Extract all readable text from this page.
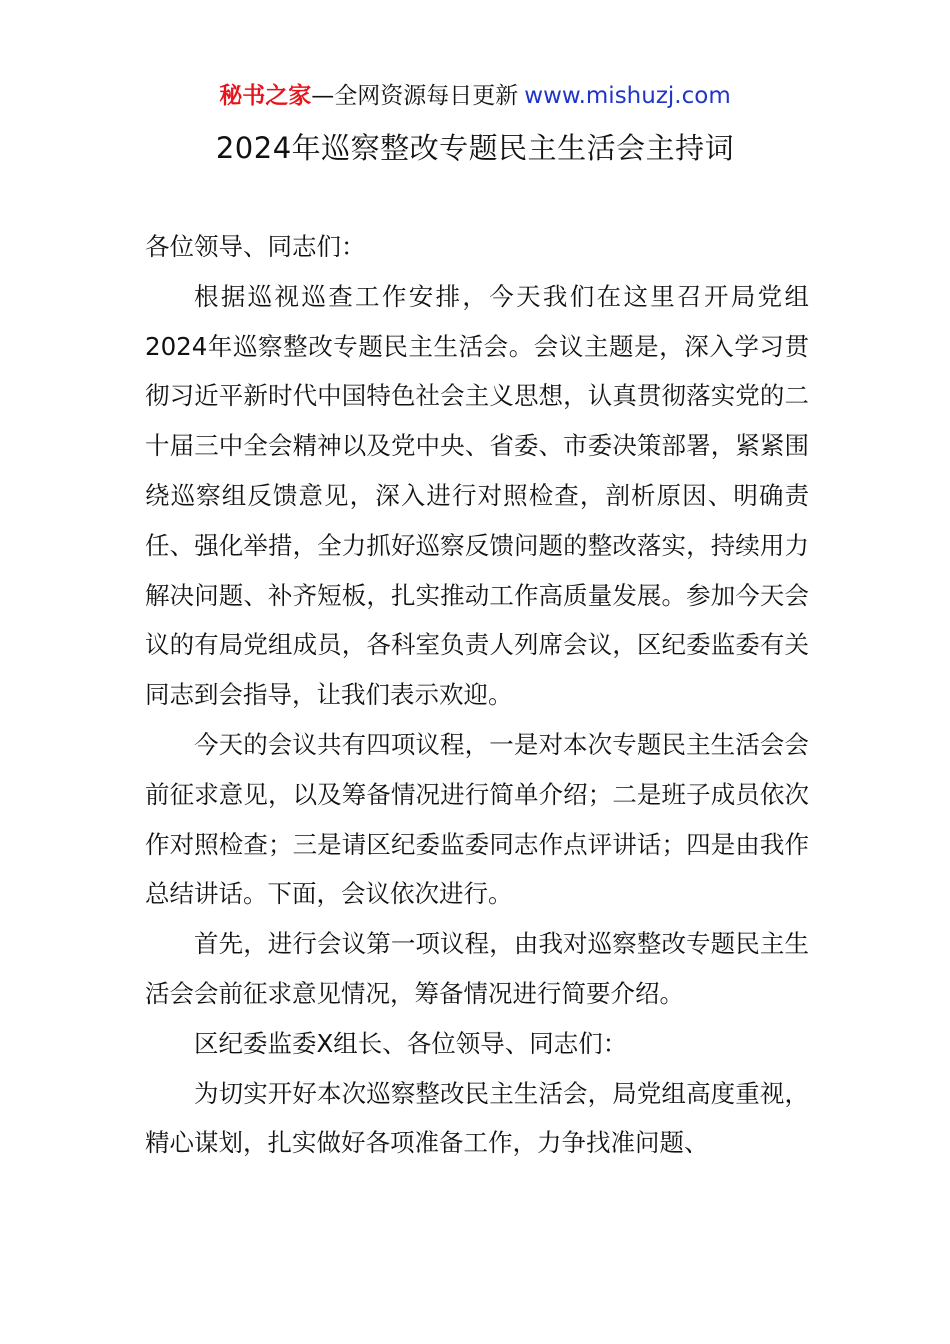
秘书之家—全网资源每日更新 www.mishuzj.com
2024年巡察整改专题民主生活会主持词

各位领导、同志们：

根据巡视巡查工作安排，今天我们在这里召开局党组2024年巡察整改专题民主生活会。会议主题是，深入学习贯彻习近平新时代中国特色社会主义思想，认真贯彻落实党的二十届三中全会精神以及党中央、省委、市委决策部署，紧紧围绕巡察组反馈意见，深入进行对照检查，剖析原因、明确责任、强化举措，全力抓好巡察反馈问题的整改落实，持续用力解决问题、补齐短板，扎实推动工作高质量发展。参加今天会议的有局党组成员，各科室负责人列席会议，区纪委监委有关同志到会指导，让我们表示欢迎。

今天的会议共有四项议程，一是对本次专题民主生活会会前征求意见，以及筹备情况进行简单介绍；二是班子成员依次作对照检查；三是请区纪委监委同志作点评讲话；四是由我作总结讲话。下面，会议依次进行。

首先，进行会议第一项议程，由我对巡察整改专题民主生活会会前征求意见情况，筹备情况进行简要介绍。

区纪委监委X组长、各位领导、同志们：

为切实开好本次巡察整改民主生活会，局党组高度重视，精心谋划，扎实做好各项准备工作，力争找准问题、
